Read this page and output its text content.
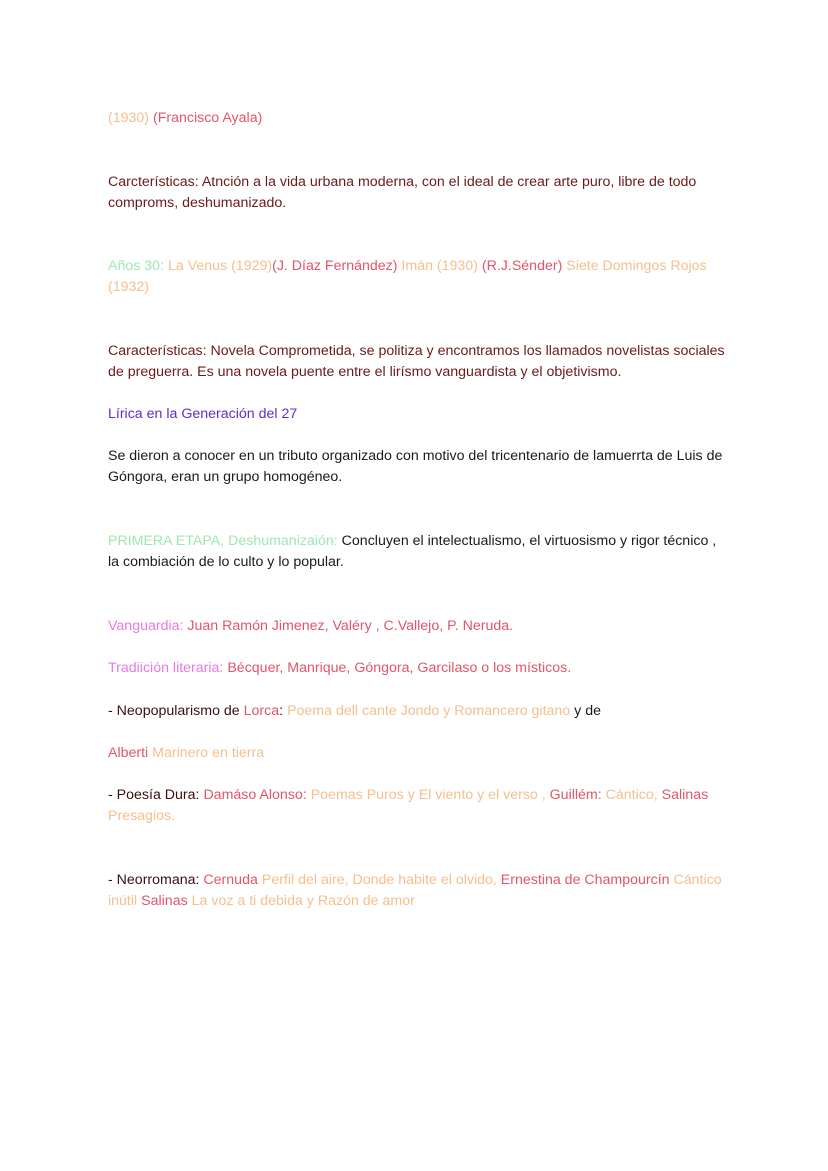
(1930) (Francisco Ayala)

Carcterísticas: Atnción a la vida urbana moderna, con el ideal de crear arte puro, libre de todo comproms, deshumanizado.

Años 30: La Venus (1929)(J. Díaz Fernández) Imán (1930) (R.J.Sénder) Siete Domingos Rojos (1932)

Características: Novela Comprometida, se politiza y encontramos los llamados novelistas sociales de preguerra. Es una novela puente entre el lirísmo vanguardista y el objetivismo.

Lírica en la Generación del 27

Se dieron a conocer en un tributo organizado con motivo del tricentenario de lamuerrta de Luis de Góngora, eran un grupo homogéneo.

PRIMERA ETAPA, Deshumanizaión: Concluyen el intelectualismo, el virtuosismo y rigor técnico , la combiación de lo culto y lo popular.

Vanguardia: Juan Ramón Jimenez, Valéry , C.Vallejo, P. Neruda.

Tradiición literaria: Bécquer, Manrique, Góngora, Garcilaso o los místicos.

- Neopopularismo de Lorca: Poema dell cante Jondo y Romancero gitano y de

Alberti Marinero en tierra

- Poesía Dura: Damáso Alonso: Poemas Puros y El viento y el verso , Guillém: Cántico, Salinas Presagios.

- Neorromana: Cernuda Perfil del aire, Donde habite el olvido, Ernestina de Champourcín Cántico inútil Salinas La voz a ti debida y Razón de amor
